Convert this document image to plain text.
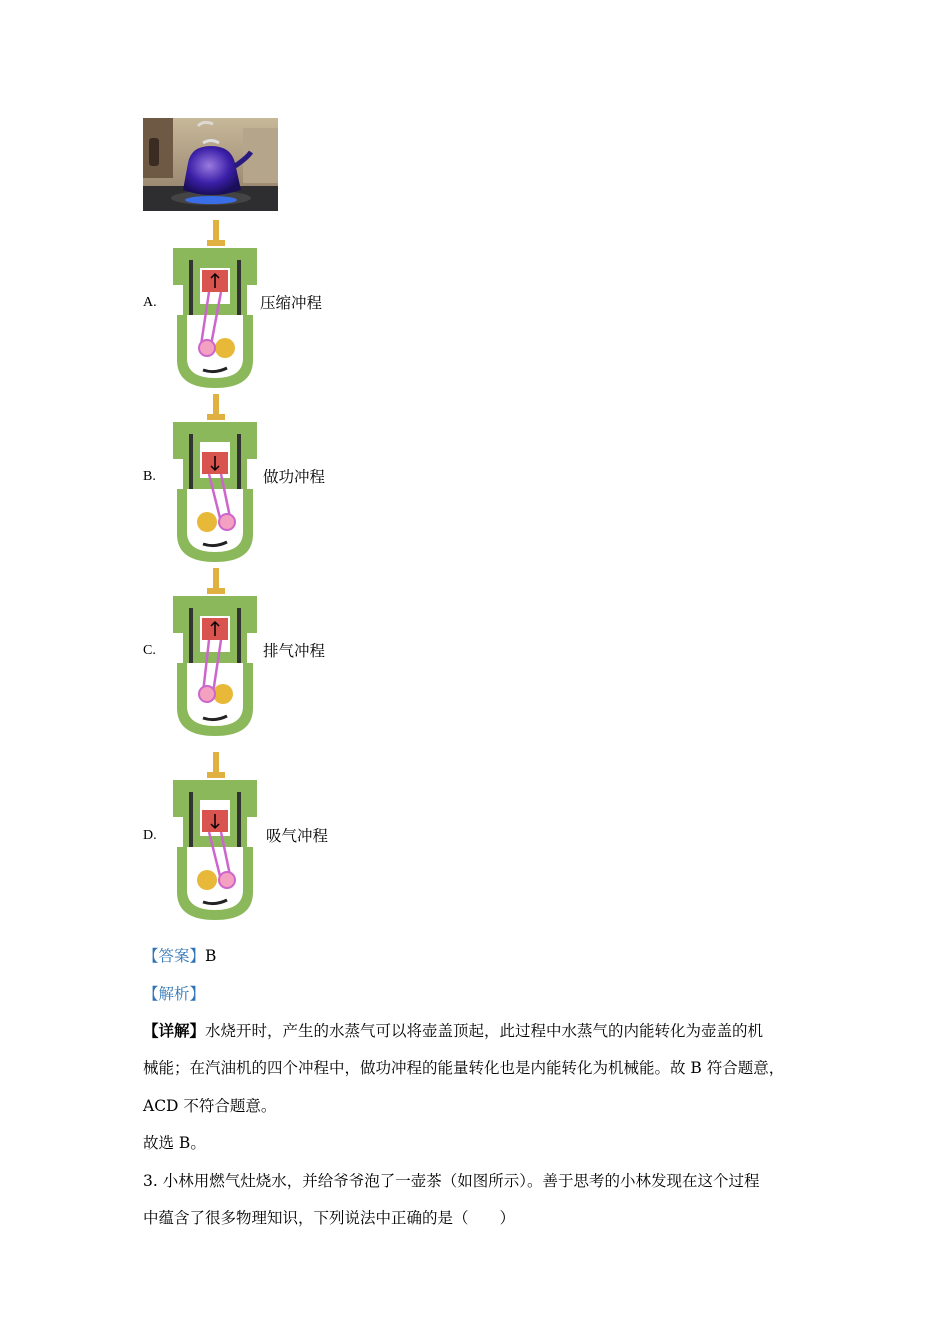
A.	压缩冲程
B.	做功冲程
C.	排气冲程
D.	吸气冲程
【答案】B
【解析】
【详解】水烧开时，产生的水蒸气可以将壶盖顶起，此过程中水蒸气的内能转化为壶盖的机
械能；在汽油机的四个冲程中，做功冲程的能量转化也是内能转化为机械能。故 B 符合题意，
ACD 不符合题意。
故选 B。
3. 小林用燃气灶烧水，并给爷爷泡了一壶茶（如图所示）。善于思考的小林发现在这个过程
中蕴含了很多物理知识，下列说法中正确的是（　　）
